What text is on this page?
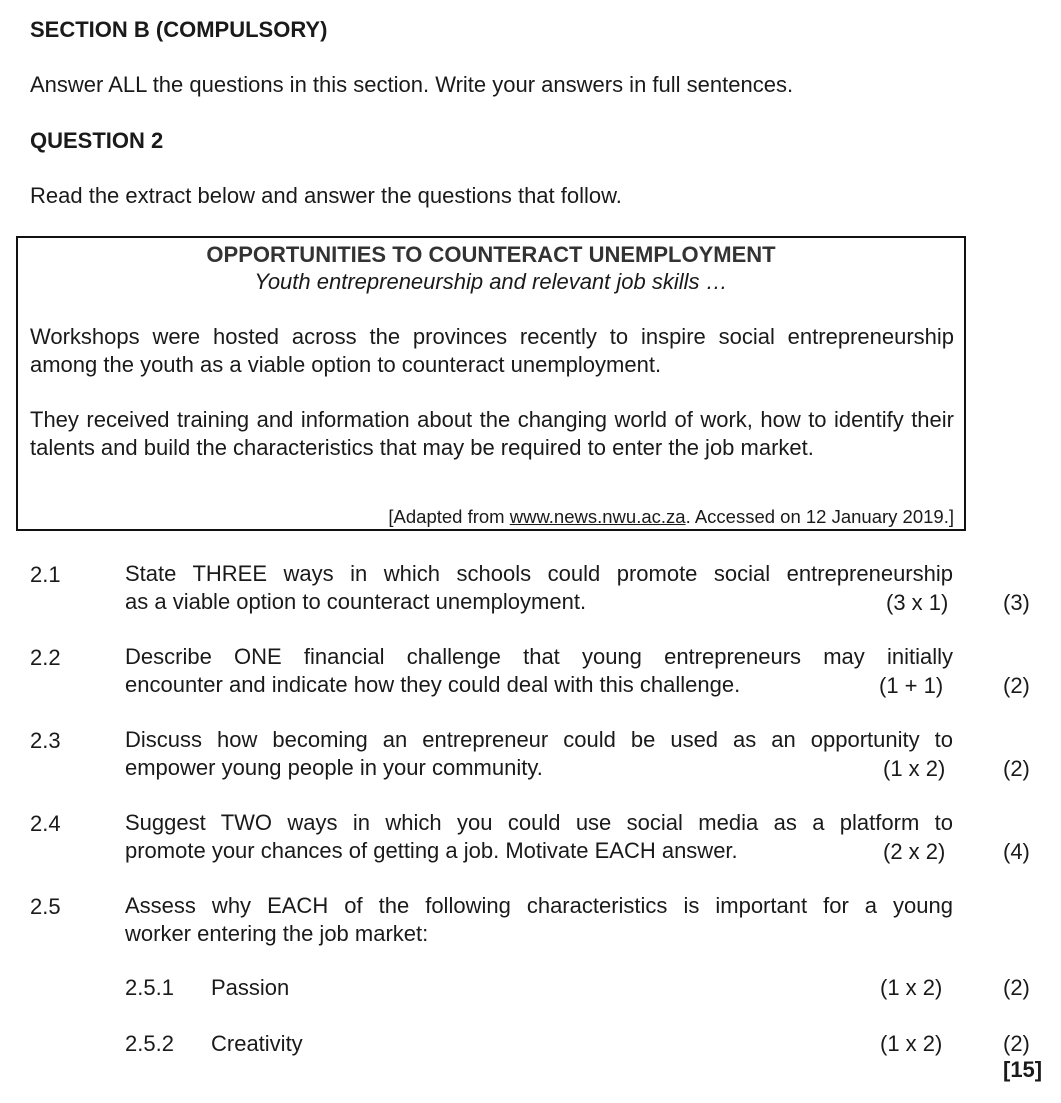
SECTION B (COMPULSORY)
Answer ALL the questions in this section. Write your answers in full sentences.
QUESTION 2
Read the extract below and answer the questions that follow.
OPPORTUNITIES TO COUNTERACT UNEMPLOYMENT
Youth entrepreneurship and relevant job skills …
Workshops were hosted across the provinces recently to inspire social entrepreneurship among the youth as a viable option to counteract unemployment.
They received training and information about the changing world of work, how to identify their talents and build the characteristics that may be required to enter the job market.
[Adapted from www.news.nwu.ac.za. Accessed on 12 January 2019.]
2.1	State THREE ways in which schools could promote social entrepreneurship
as a viable option to counteract unemployment.	(3 x 1) (3)
2.2	Describe ONE financial challenge that young entrepreneurs may initially
encounter and indicate how they could deal with this challenge.	(1 + 1)	(2)
2.3	Discuss how becoming an entrepreneur could be used as an opportunity to
empower young people in your community.	(1 x 2)	(2)
2.4	Suggest TWO ways in which you could use social media as a platform to
promote your chances of getting a job. Motivate EACH answer.	(2 x 2)	(4)
2.5	Assess why EACH of the following characteristics is important for a young
worker entering the job market:
2.5.1 Passion	(1 x 2)	(2)
2.5.2 Creativity	(1 x 2)	(2)
[15]
